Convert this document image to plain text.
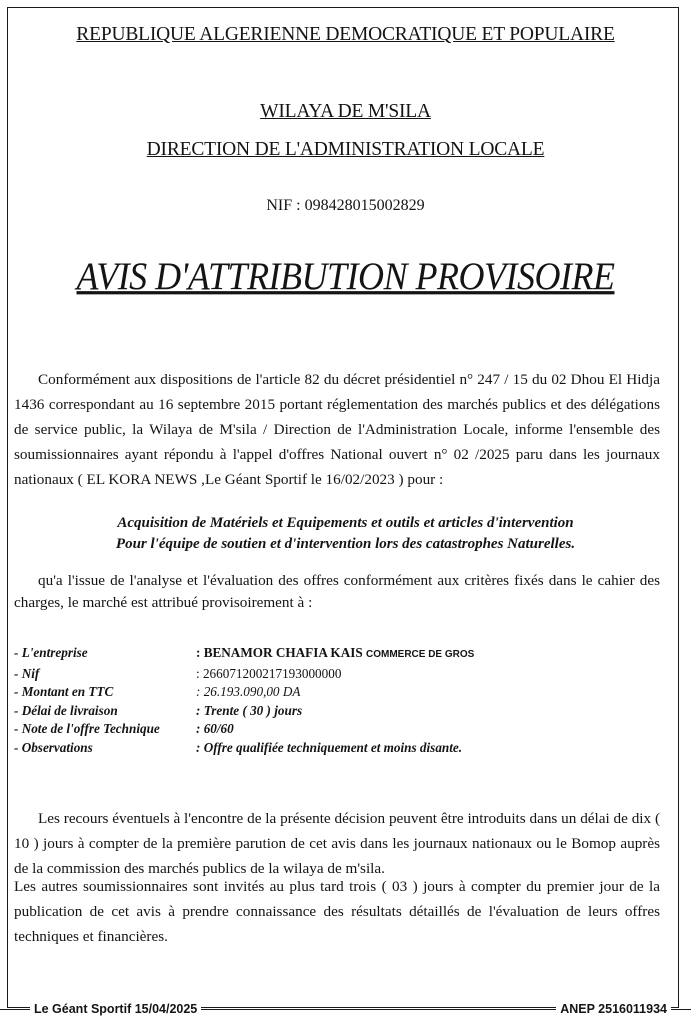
REPUBLIQUE ALGERIENNE DEMOCRATIQUE ET POPULAIRE
WILAYA DE M'SILA
DIRECTION DE L'ADMINISTRATION LOCALE

NIF : 098428015002829

AVIS D'ATTRIBUTION PROVISOIRE

Conformément aux dispositions de l'article 82 du décret présidentiel n° 247 / 15 du 02 Dhou El Hidja 1436 correspondant au 16 septembre 2015 portant réglementation des marchés publics et des délégations de service public, la Wilaya de M'sila / Direction de l'Administration Locale, informe l'ensemble des soumissionnaires ayant répondu à l'appel d'offres National ouvert n° 02 /2025 paru dans les journaux nationaux ( EL KORA NEWS ,Le Géant Sportif le 16/02/2023 ) pour :

Acquisition de Matériels et Equipements et outils et articles d'intervention
Pour l'équipe de soutien et d'intervention lors des catastrophes Naturelles.

qu'a l'issue de l'analyse et l'évaluation des offres conformément aux critères fixés dans le cahier des charges, le marché est attribué provisoirement à :

- L'entreprise	: BENAMOR CHAFIA KAIS COMMERCE DE GROS
- Nif	: 266071200217193000000
- Montant en TTC	: 26.193.090,00 DA
- Délai de livraison	: Trente ( 30 ) jours
- Note de l'offre Technique	: 60/60
- Observations	: Offre qualifiée techniquement et moins disante.

Les recours éventuels à l'encontre de la présente décision peuvent être introduits dans un délai de dix ( 10 ) jours à compter de la première parution de cet avis dans les journaux nationaux ou le Bomop auprès de la commission des marchés publics de la wilaya de m'sila.

Les autres soumissionnaires sont invités au plus tard trois ( 03 ) jours à compter du premier jour de la publication de cet avis à prendre connaissance des résultats détaillés de l'évaluation de leurs offres techniques et financières.

Le Géant Sportif 15/04/2025	ANEP 2516011934
